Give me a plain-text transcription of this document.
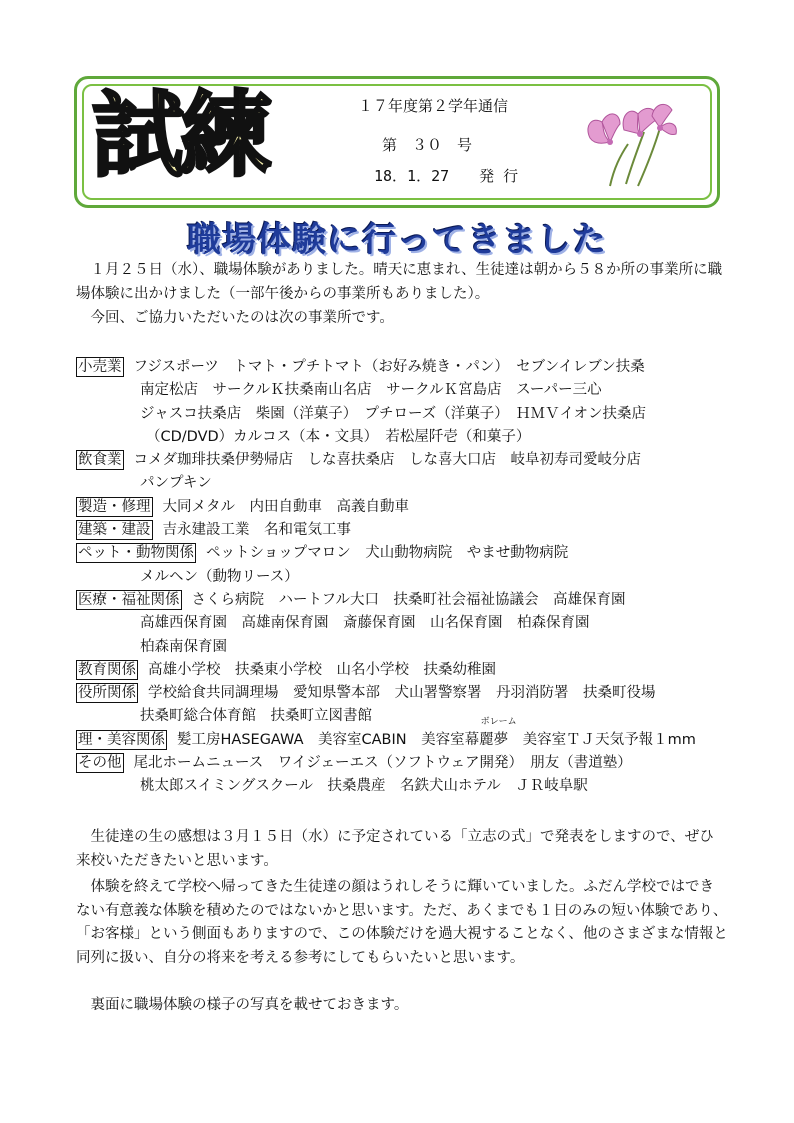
試練	１７年度第２学年通信
第　３０　号
18．1．27　　発 行
職場体験に行ってきました

１月２５日（水）、職場体験がありました。晴天に恵まれ、生徒達は朝から５８か所の事業所に職場体験に出かけました（一部午後からの事業所もありました）。

今回、ご協力いただいたのは次の事業所です。

小売業 フジスポーツ　トマト・プチトマト（お好み焼き・パン）　セブンイレブン扶桑
南定松店　サークルＫ扶桑南山名店　サークルＫ宮島店　スーパー三心
ジャスコ扶桑店　柴園（洋菓子）　プチローズ（洋菓子）　ＨＭＶイオン扶桑店
（CD/DVD）カルコス（本・文具）　若松屋阡壱（和菓子）
飲食業 コメダ珈琲扶桑伊勢帰店　しな喜扶桑店　しな喜大口店　岐阜初寿司愛岐分店
パンプキン
製造・修理 大同メタル　内田自動車　高義自動車
建築・建設 吉永建設工業　名和電気工事
ペット・動物関係 ペットショップマロン　犬山動物病院　やませ動物病院
メルヘン（動物リース）
医療・福祉関係 さくら病院　ハートフル大口　扶桑町社会福祉協議会　高雄保育園
高雄西保育園　高雄南保育園　斎藤保育園　山名保育園　柏森保育園
柏森南保育園
教育関係 高雄小学校　扶桑東小学校　山名小学校　扶桑幼稚園
役所関係 学校給食共同調理場　愛知県警本部　犬山署警察署　丹羽消防署　扶桑町役場
扶桑町総合体育館　扶桑町立図書館
理・美容関係 髪工房HASEGAWA　美容室CABIN　美容室
ボレーム
幕麗夢　美容室ＴＪ天気予報１mm
その他 尾北ホームニュース　ワイジェーエス（ソフトウェア開発）　朋友（書道塾）
桃太郎スイミングスクール　扶桑農産　名鉄犬山ホテル　ＪＲ岐阜駅

生徒達の生の感想は３月１５日（水）に予定されている「立志の式」で発表をしますので、ぜひ来校いただきたいと思います。

体験を終えて学校へ帰ってきた生徒達の顔はうれしそうに輝いていました。ふだん学校ではできない有意義な体験を積めたのではないかと思います。ただ、あくまでも１日のみの短い体験であり、「お客様」という側面もありますので、この体験だけを過大視することなく、他のさまざまな情報と同列に扱い、自分の将来を考える参考にしてもらいたいと思います。

裏面に職場体験の様子の写真を載せておきます。
